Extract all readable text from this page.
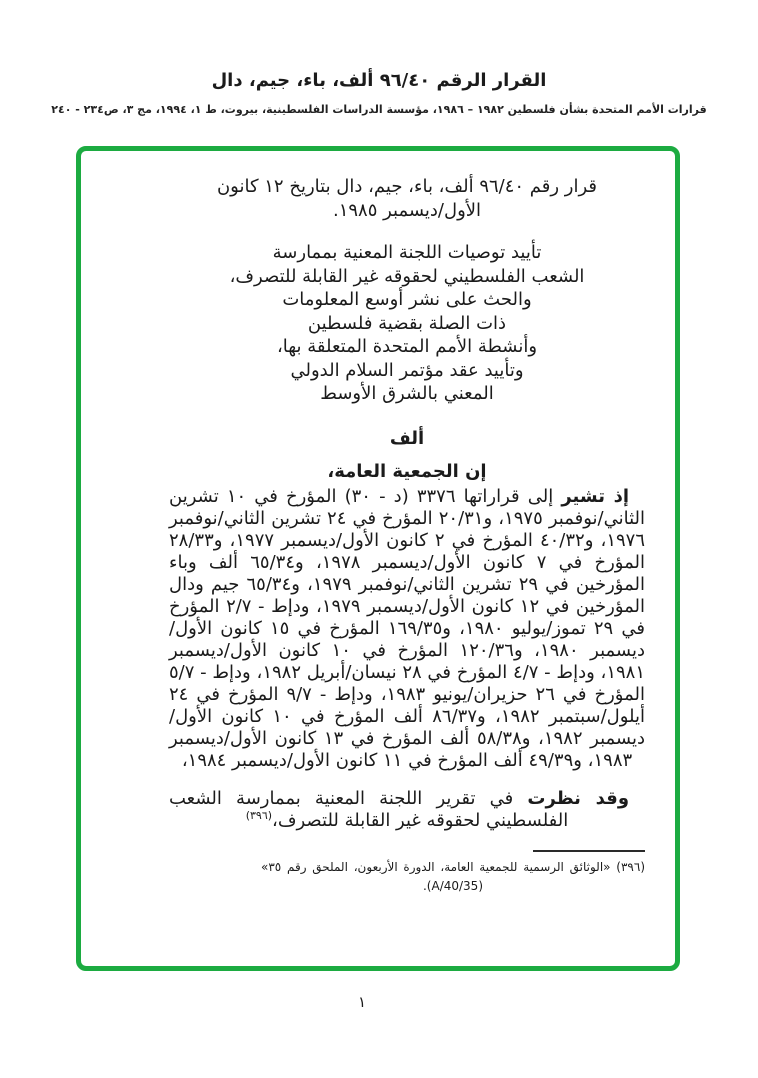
القرار الرقم ٩٦/٤٠ ألف، باء، جيم، دال
قرارات الأمم المتحدة بشأن فلسطين ١٩٨٢ – ١٩٨٦، مؤسسة الدراسات الفلسطينية، بيروت، ط ١، ١٩٩٤، مج ٣، ص٢٣٤ - ٢٤٠

قرار رقم ٩٦/٤٠ ألف، باء، جيم، دال بتاريخ ١٢ كانون
الأول/ديسمبر ١٩٨٥.

تأييد توصيات اللجنة المعنية بممارسة
الشعب الفلسطيني لحقوقه غير القابلة للتصرف،
والحث على نشر أوسع المعلومات
ذات الصلة بقضية فلسطين
وأنشطة الأمم المتحدة المتعلقة بها،
وتأييد عقد مؤتمر السلام الدولي
المعني بالشرق الأوسط
ألف

إن الجمعية العامة،

إذ تشير إلى قراراتها ٣٣٧٦ (د - ٣٠) المؤرخ في ١٠ تشرين الثاني/نوفمبر ١٩٧٥، و٢٠/٣١ المؤرخ في ٢٤ تشرين الثاني/نوفمبر ١٩٧٦، و٤٠/٣٢ المؤرخ في ٢ كانون الأول/ديسمبر ١٩٧٧، و٢٨/٣٣ المؤرخ في ٧ كانون الأول/ديسمبر ١٩٧٨، و٦٥/٣٤ ألف وباء المؤرخين في ٢٩ تشرين الثاني/نوفمبر ١٩٧٩، و٦٥/٣٤ جيم ودال المؤرخين في ١٢ كانون الأول/ديسمبر ١٩٧٩، ودإط - ٢/٧ المؤرخ في ٢٩ تموز/يوليو ١٩٨٠، و١٦٩/٣٥ المؤرخ في ١٥ كانون الأول/ديسمبر ١٩٨٠، و١٢٠/٣٦ المؤرخ في ١٠ كانون الأول/ديسمبر ١٩٨١، ودإط - ٤/٧ المؤرخ في ٢٨ نيسان/أبريل ١٩٨٢، ودإط - ٥/٧ المؤرخ في ٢٦ حزيران/يونيو ١٩٨٣، ودإط - ٩/٧ المؤرخ في ٢٤ أيلول/سبتمبر ١٩٨٢، و٨٦/٣٧ ألف المؤرخ في ١٠ كانون الأول/ديسمبر ١٩٨٢، و٥٨/٣٨ ألف المؤرخ في ١٣ كانون الأول/ديسمبر ١٩٨٣، و٤٩/٣٩ ألف المؤرخ في ١١ كانون الأول/ديسمبر ١٩٨٤،

وقد نظرت في تقرير اللجنة المعنية بممارسة الشعب الفلسطيني لحقوقه غير القابلة للتصرف،$^{(٣٩٦)}$

(٣٩٦) «الوثائق الرسمية للجمعية العامة، الدورة الأربعون، الملحق رقم ٣٥» (A/40/35).

١
